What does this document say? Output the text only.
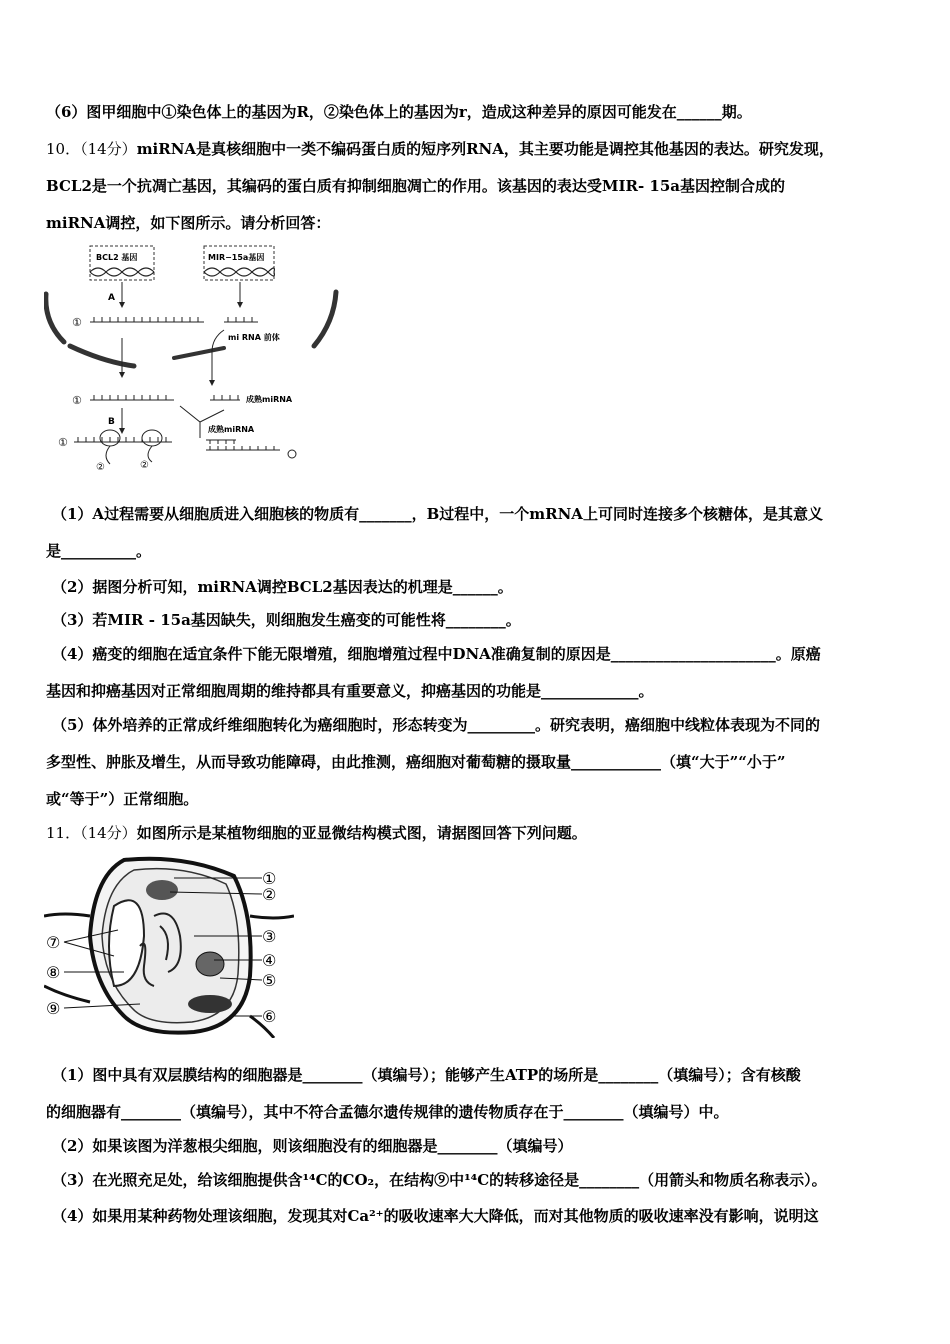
（6）图甲细胞中①染色体上的基因为R，②染色体上的基因为r，造成这种差异的原因可能发在______期。
10．（14分）miRNA是真核细胞中一类不编码蛋白质的短序列RNA，其主要功能是调控其他基因的表达。研究发现，
BCL2是一个抗凋亡基因，其编码的蛋白质有抑制细胞凋亡的作用。该基因的表达受MIR- 15a基因控制合成的
miRNA调控，如下图所示。请分析回答：
BCL2 基因	MIR−15a基因
A
①
mi RNA 前体
①	成熟miRNA
B
①
②	②
成熟miRNA
（1）A过程需要从细胞质进入细胞核的物质有_______，B过程中，一个mRNA上可同时连接多个核糖体，是其意义
是__________。
（2）据图分析可知，miRNA调控BCL2基因表达的机理是______。
（3）若MIR - 15a基因缺失，则细胞发生癌变的可能性将________。
（4）癌变的细胞在适宜条件下能无限增殖，细胞增殖过程中DNA准确复制的原因是______________________。原癌
基因和抑癌基因对正常细胞周期的维持都具有重要意义，抑癌基因的功能是_____________。
（5）体外培养的正常成纤维细胞转化为癌细胞时，形态转变为_________。研究表明，癌细胞中线粒体表现为不同的
多型性、肿胀及增生，从而导致功能障碍，由此推测，癌细胞对葡萄糖的摄取量____________（填“大于”“小于”
或“等于”）正常细胞。
11．（14分）如图所示是某植物细胞的亚显微结构模式图，请据图回答下列问题。
①
②
③
④
⑤
⑥
⑦
⑧
⑨
（1）图中具有双层膜结构的细胞器是________（填编号）；能够产生ATP的场所是________（填编号）；含有核酸
的细胞器有________（填编号），其中不符合孟德尔遗传规律的遗传物质存在于________（填编号）中。
（2）如果该图为洋葱根尖细胞，则该细胞没有的细胞器是________（填编号）
（3）在光照充足处，给该细胞提供含¹⁴C的CO₂，在结构⑨中¹⁴C的转移途径是________（用箭头和物质名称表示）。
（4）如果用某种药物处理该细胞，发现其对Ca²⁺的吸收速率大大降低，而对其他物质的吸收速率没有影响，说明这
